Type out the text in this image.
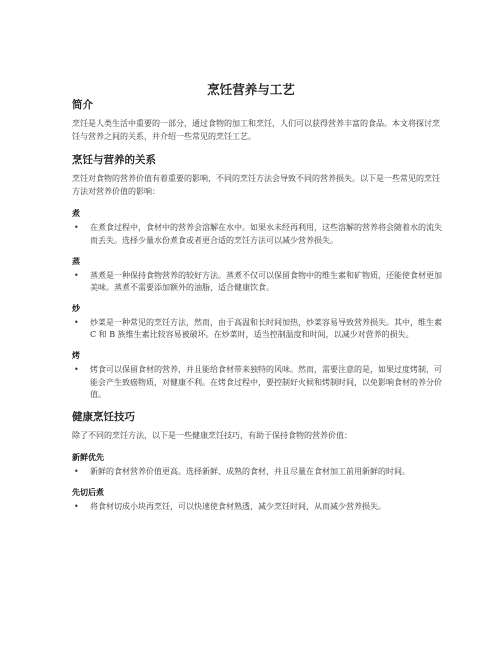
烹饪营养与工艺
简介

烹饪是人类生活中重要的一部分，通过食物的加工和烹饪，人们可以获得营养丰富的食品。本文将探讨烹饪与营养之间的关系，并介绍一些常见的烹饪工艺。

烹饪与营养的关系

烹饪对食物的营养价值有着重要的影响，不同的烹饪方法会导致不同的营养损失。以下是一些常见的烹饪方法对营养价值的影响：

煮
• 在煮食过程中，食材中的营养会溶解在水中。如果水未经再利用，这些溶解的营养将会随着水的流失而丢失。选择少量水份煮食或者更合适的烹饪方法可以减少营养损失。
蒸
• 蒸煮是一种保持食物营养的较好方法。蒸煮不仅可以保留食物中的维生素和矿物质，还能使食材更加美味。蒸煮不需要添加额外的油脂，适合健康饮食。
炒
• 炒菜是一种常见的烹饪方法，然而，由于高温和长时间加热，炒菜容易导致营养损失。其中，维生素 C 和 B 族维生素比较容易被破坏。在炒菜时，适当控制温度和时间，以减少对营养的损失。
烤
• 烤食可以保留食材的营养，并且能给食材带来独特的风味。然而，需要注意的是，如果过度烤制，可能会产生致癌物质，对健康不利。在烤食过程中，要控制好火候和烤制时间，以免影响食材的养分价值。
健康烹饪技巧

除了不同的烹饪方法，以下是一些健康烹饪技巧，有助于保持食物的营养价值：

新鲜优先
• 新鲜的食材营养价值更高。选择新鲜、成熟的食材，并且尽量在食材加工前用新鲜的时间。
先切后煮
• 将食材切成小块再烹饪，可以快速使食材熟透，减少烹饪时间，从而减少营养损失。
